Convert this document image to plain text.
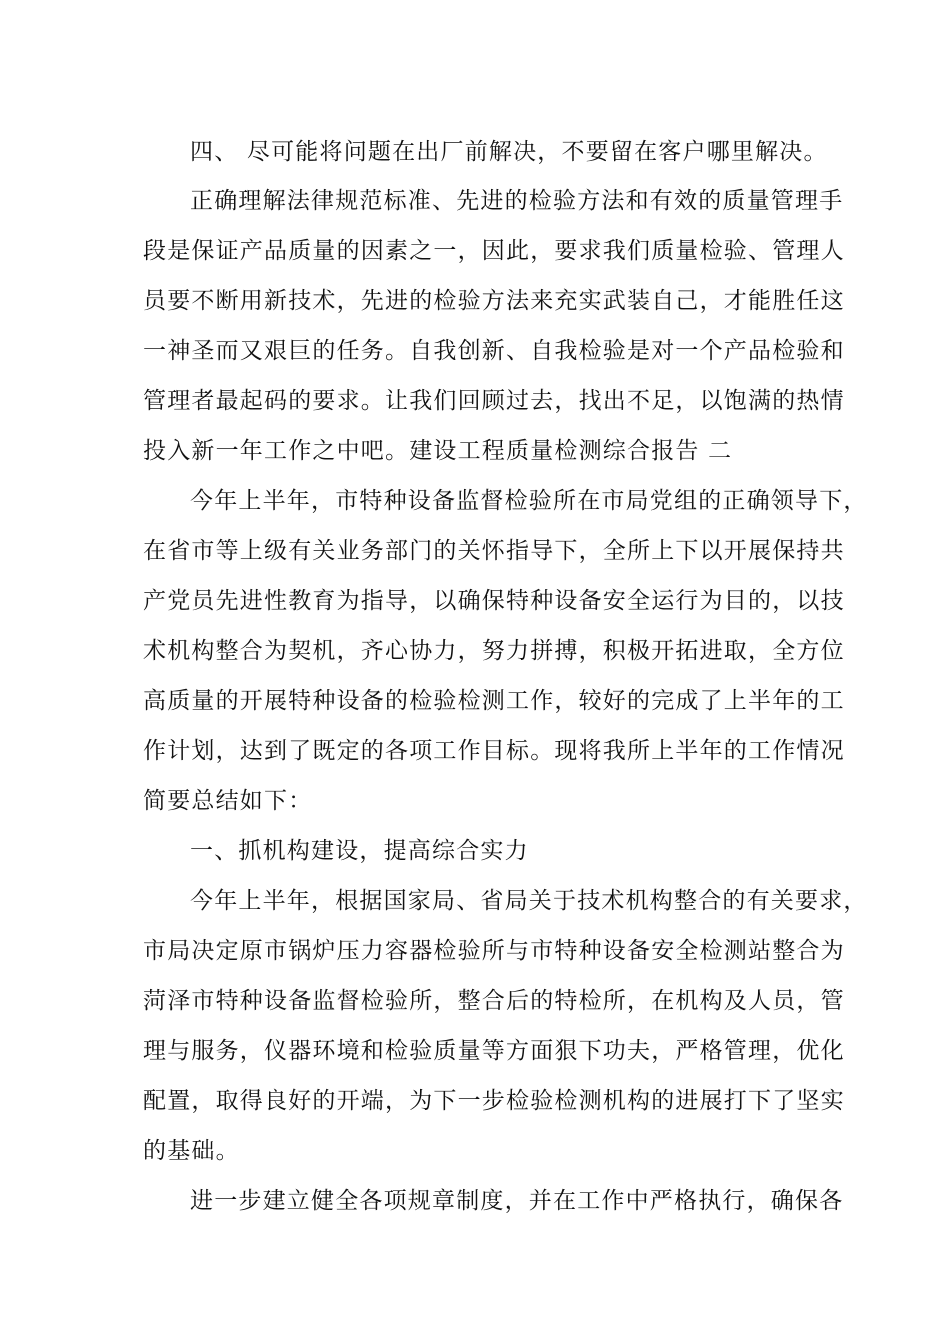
四、 尽可能将问题在出厂前解决，不要留在客户哪里解决。
正确理解法律规范标准、先进的检验方法和有效的质量管理手
段是保证产品质量的因素之一，因此，要求我们质量检验、管理人
员要不断用新技术，先进的检验方法来充实武装自己，才能胜任这
一神圣而又艰巨的任务。自我创新、自我检验是对一个产品检验和
管理者最起码的要求。让我们回顾过去，找出不足，以饱满的热情
投入新一年工作之中吧。建设工程质量检测综合报告 二
今年上半年，市特种设备监督检验所在市局党组的正确领导下，
在省市等上级有关业务部门的关怀指导下，全所上下以开展保持共
产党员先进性教育为指导，以确保特种设备安全运行为目的，以技
术机构整合为契机，齐心协力，努力拼搏，积极开拓进取，全方位
高质量的开展特种设备的检验检测工作，较好的完成了上半年的工
作计划，达到了既定的各项工作目标。现将我所上半年的工作情况
简要总结如下：
一、抓机构建设，提高综合实力
今年上半年，根据国家局、省局关于技术机构整合的有关要求，
市局决定原市锅炉压力容器检验所与市特种设备安全检测站整合为
菏泽市特种设备监督检验所，整合后的特检所，在机构及人员，管
理与服务，仪器环境和检验质量等方面狠下功夫，严格管理，优化
配置，取得良好的开端，为下一步检验检测机构的进展打下了坚实
的基础。
进一步建立健全各项规章制度，并在工作中严格执行，确保各
